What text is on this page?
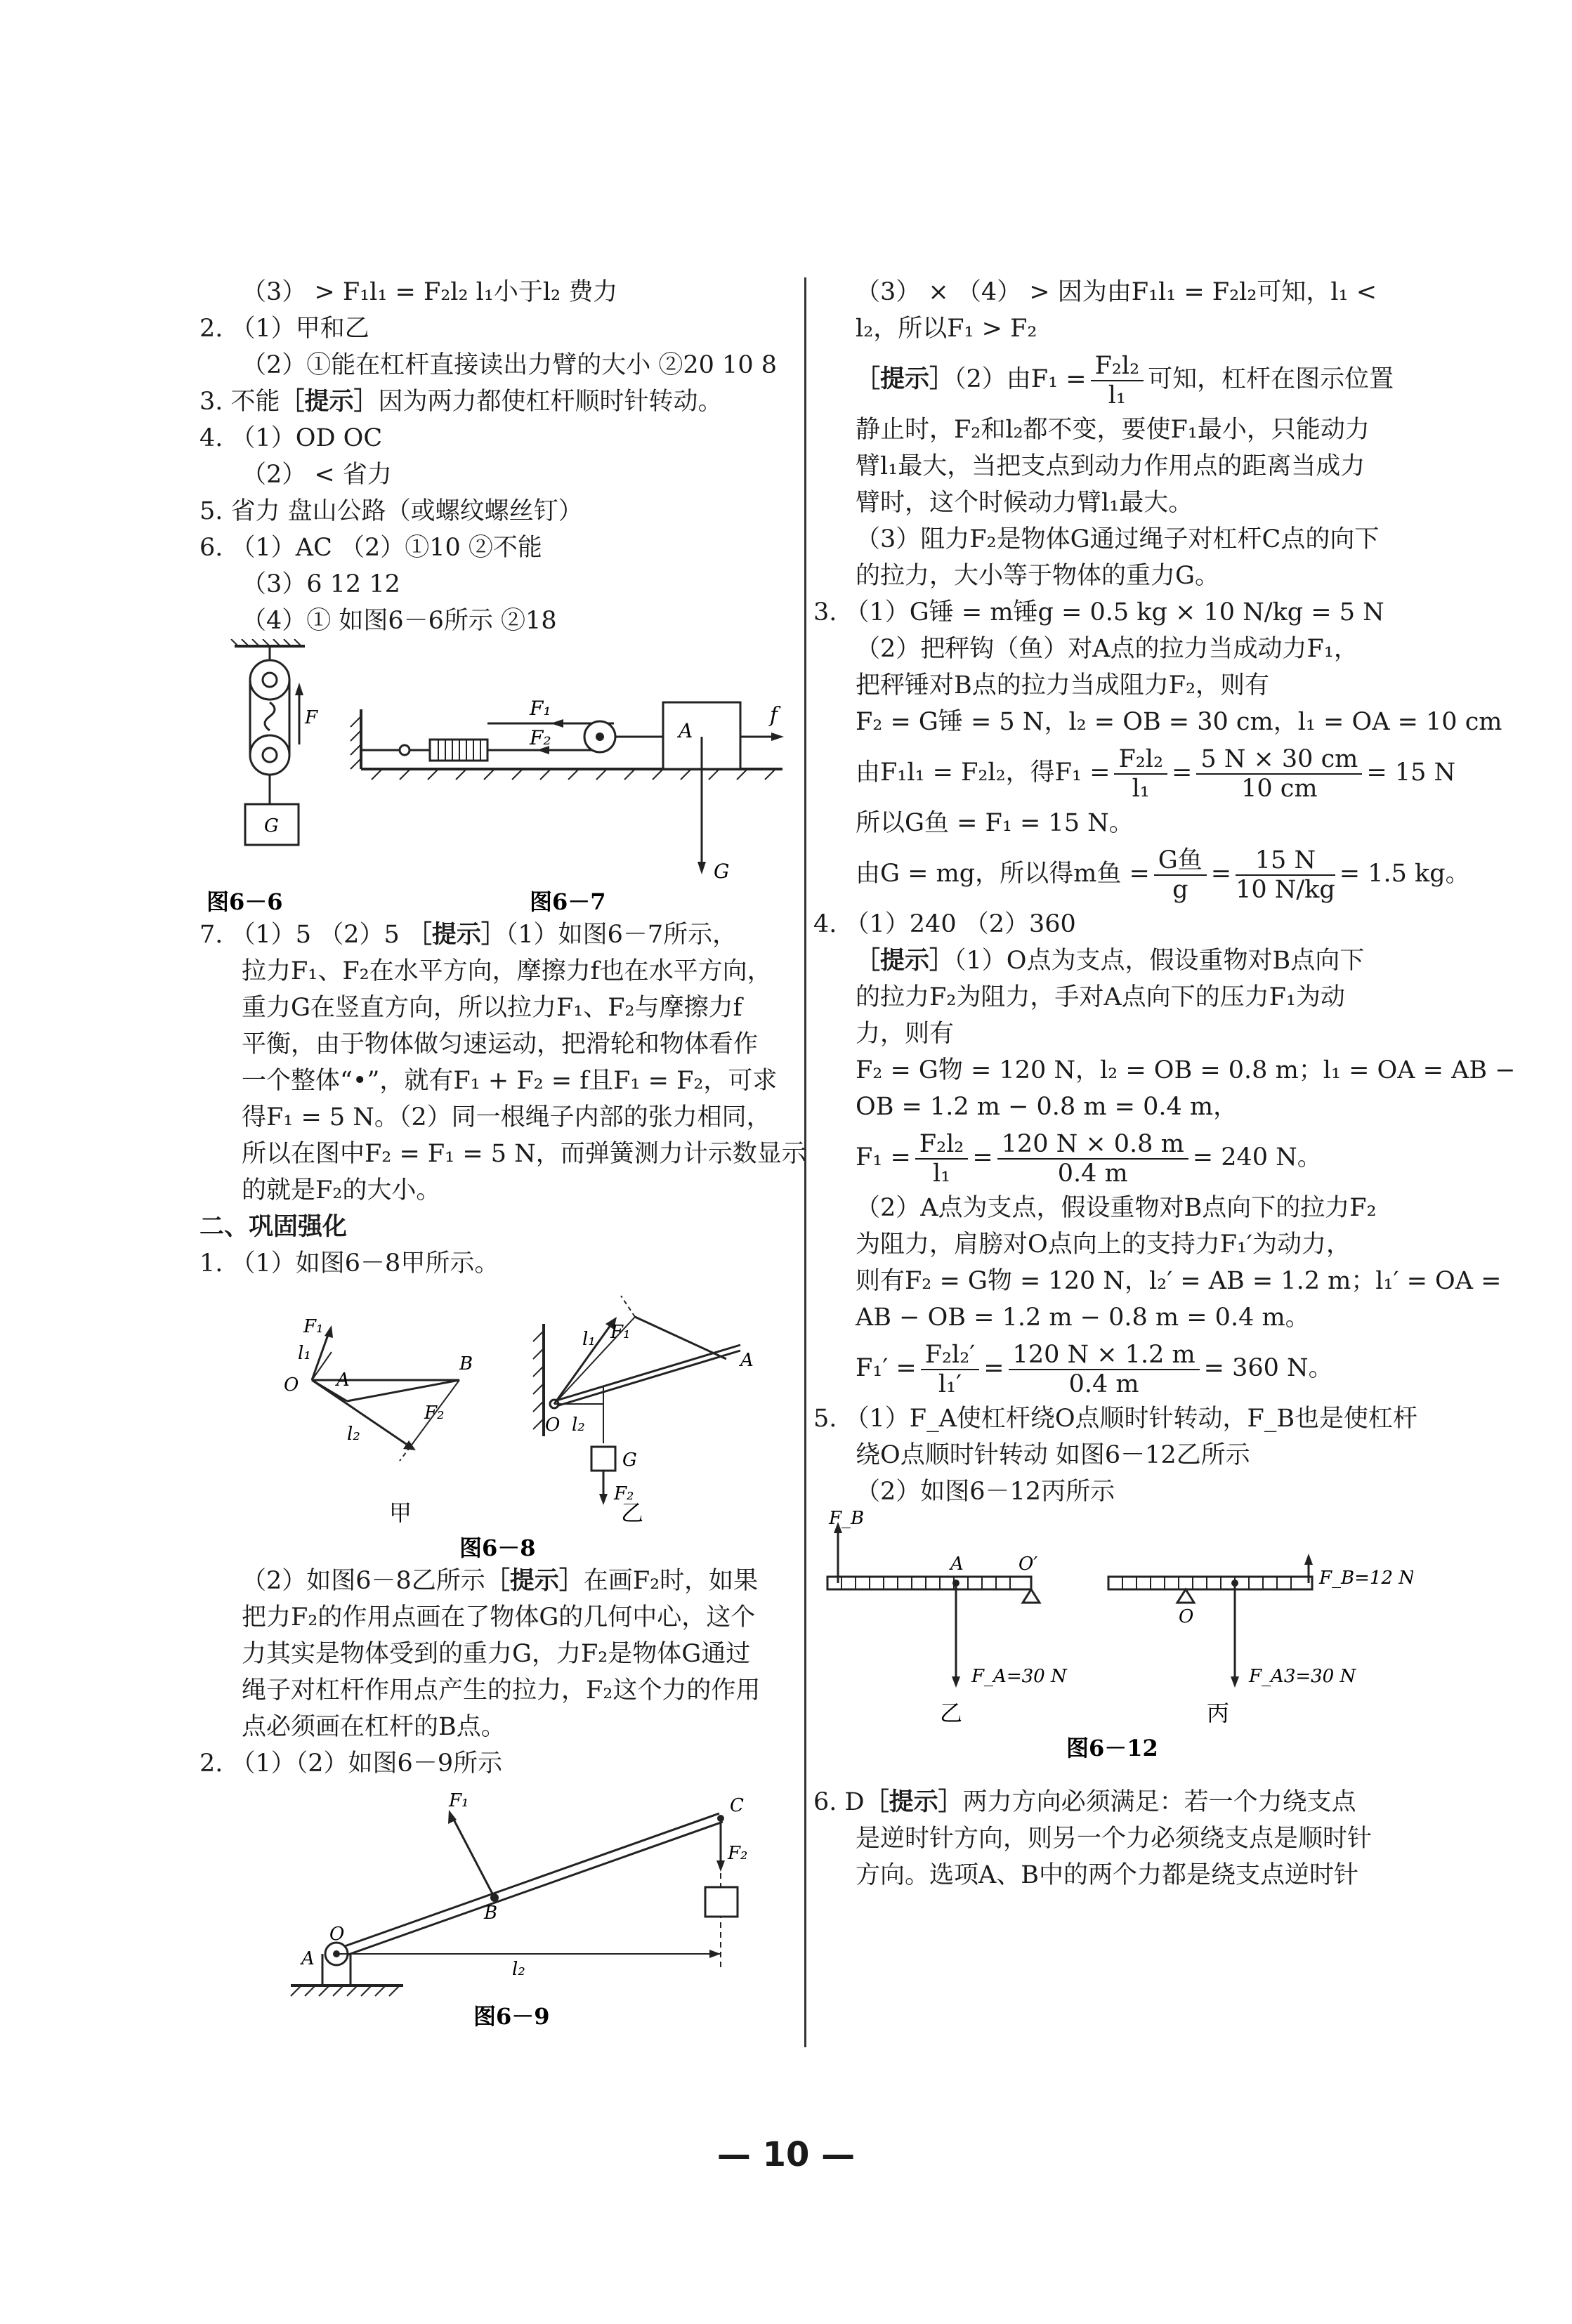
（3） > F₁l₁ = F₂l₂ l₁小于l₂ 费力
2. （1）甲和乙
（2）①能在杠杆直接读出力臂的大小 ②20 10 8
3. 不能［提示］因为两力都使杠杆顺时针转动。
4. （1）OD OC
（2） < 省力
5. 省力 盘山公路（或螺纹螺丝钉）
6. （1）AC （2）①10 ②不能
（3）6 12 12
（4）① 如图6－6所示 ②18
F
G
图6－6
F₁
F₂	A
f
G
图6－7
7. （1）5 （2）5 ［提示］（1）如图6－7所示，
拉力F₁、F₂在水平方向，摩擦力f也在水平方向，
重力G在竖直方向，所以拉力F₁、F₂与摩擦力f
平衡，由于物体做匀速运动，把滑轮和物体看作
一个整体“•”，就有F₁ + F₂ = f且F₁ = F₂，可求
得F₁ = 5 N。（2）同一根绳子内部的张力相同，
所以在图中F₂ = F₁ = 5 N，而弹簧测力计示数显示
的就是F₂的大小。
二、巩固强化
1. （1）如图6－8甲所示。
F₁
l₁
O A
B
F₂
l₂
甲
F₁
l₁
A
O l₂
G
F₂
乙
图6－8
（2）如图6－8乙所示［提示］在画F₂时，如果
把力F₂的作用点画在了物体G的几何中心，这个
力其实是物体受到的重力G，力F₂是物体G通过
绳子对杠杆作用点产生的拉力，F₂这个力的作用
点必须画在杠杆的B点。
2. （1）（2）如图6－9所示
F₁
B
C
F₂
O
A	l₂
图6－9
（3） × （4） > 因为由F₁l₁ = F₂l₂可知，l₁ <
l₂，所以F₁ > F₂
［提示］（2）由$F_1 = \frac{\text{F₂l₂}}{\text{l₁}}$ 可知，杠杆在图示位置
静止时，F₂和l₂都不变，要使F₁最小，只能动力
臂l₁最大，当把支点到动力作用点的距离当成力
臂时，这个时候动力臂l₁最大。
（3）阻力F₂是物体G通过绳子对杠杆C点的向下
的拉力，大小等于物体的重力G。
3. （1）G锤 = m锤g = 0.5 kg × 10 N/kg = 5 N
（2）把秤钩（鱼）对A点的拉力当成动力F₁，
把秤锤对B点的拉力当成阻力F₂，则有
F₂ = G锤 = 5 N，l₂ = OB = 30 cm，l₁ = OA = 10 cm
由F₁l₁ = F₂l₂，得$F_1 = \frac{\text{F₂l₂}}{\text{l₁}} = \frac{5 N \times 30 cm}{10 cm} = 15$ N
所以G鱼 = F₁ = 15 N。
由G = mg，所以得m鱼 = $\frac{\text{G鱼}}{g} = \frac{15 N}{10 N/kg} = 1.5$ kg。
4. （1）240 （2）360
［提示］（1）O点为支点，假设重物对B点向下
的拉力F₂为阻力，手对A点向下的压力F₁为动
力，则有
F₂ = G物 = 120 N，l₂ = OB = 0.8 m；l₁ = OA = AB −
OB = 1.2 m − 0.8 m = 0.4 m，
$F_1 = \frac{\text{F₂l₂}}{\text{l₁}} = \frac{120 N \times 0.8 m}{0.4 m} = 240$ N。
（2）A点为支点，假设重物对B点向下的拉力F₂
为阻力，肩膀对O点向上的支持力F₁′为动力，
则有F₂ = G物 = 120 N，l₂′ = AB = 1.2 m；l₁′ = OA =
AB − OB = 1.2 m − 0.8 m = 0.4 m。
$F_1' = \frac{\text{F₂l₂′}}{\text{l₁′}} = \frac{120 N \times 1.2 m}{0.4 m} = 360$ N。
5. （1）F_A使杠杆绕O点顺时针转动，F_B也是使杠杆
绕O点顺时针转动 如图6－12乙所示
（2）如图6－12丙所示
F_B
A	O′
F_A=30 N
乙
F_B=12 N
O
F_A3=30 N
丙
图6－12
6. D［提示］两力方向必须满足：若一个力绕支点
是逆时针方向，则另一个力必须绕支点是顺时针
方向。选项A、B中的两个力都是绕支点逆时针
— 10 —
